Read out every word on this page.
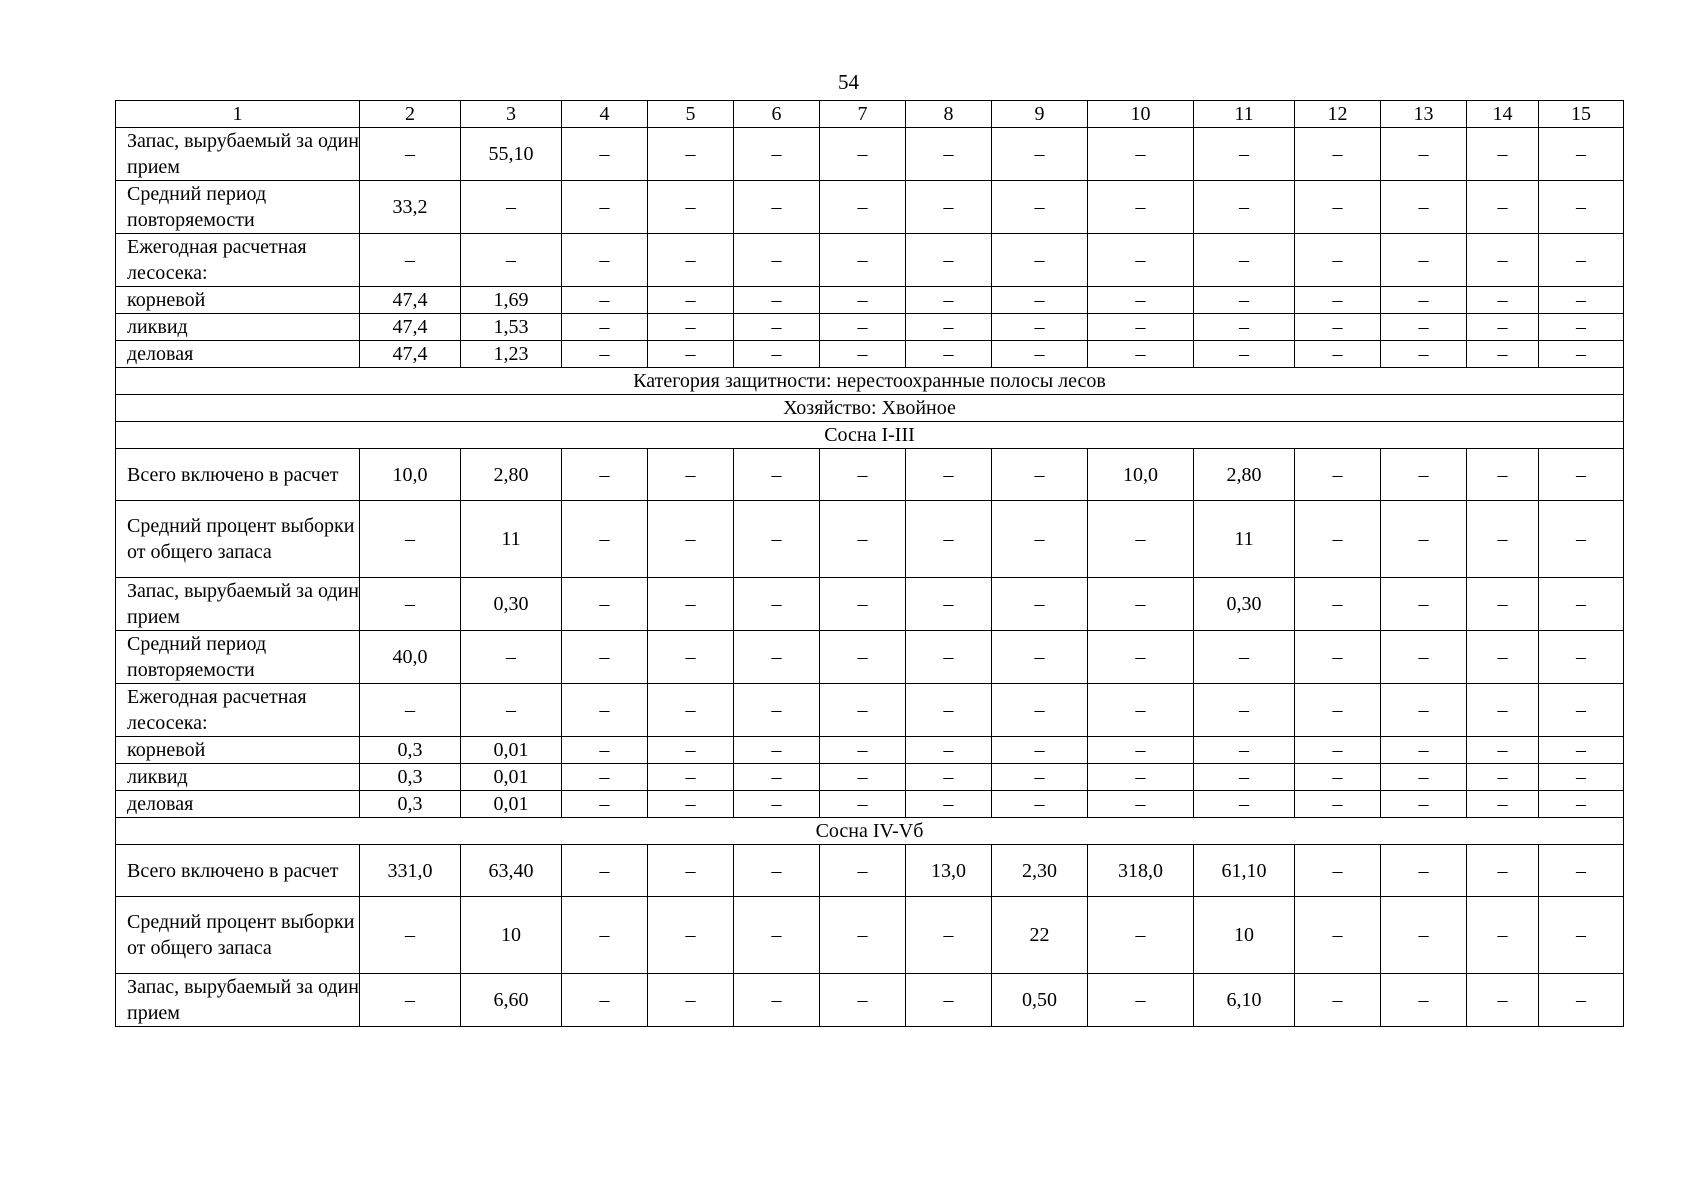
54
1	2	3	4	5	6	7	8	9	10	11	12	13	14	15
Запас, вырубаемый за один прием	–	55,10	–	–	–	–	–	–	–	–	–	–	–	–
Средний период повторяемости	33,2	–	–	–	–	–	–	–	–	–	–	–	–	–
Ежегодная расчетная лесосека:	–	–	–	–	–	–	–	–	–	–	–	–	–	–
корневой	47,4	1,69	–	–	–	–	–	–	–	–	–	–	–	–
ликвид	47,4	1,53	–	–	–	–	–	–	–	–	–	–	–	–
деловая	47,4	1,23	–	–	–	–	–	–	–	–	–	–	–	–
Категория защитности: нерестоохранные полосы лесов														
Хозяйство: Хвойное														
Сосна I-III														
Всего включено в расчет	10,0	2,80	–	–	–	–	–	–	10,0	2,80	–	–	–	–
Средний процент выборки от общего запаса	–	11	–	–	–	–	–	–	–	11	–	–	–	–
Запас, вырубаемый за один прием	–	0,30	–	–	–	–	–	–	–	0,30	–	–	–	–
Средний период повторяемости	40,0	–	–	–	–	–	–	–	–	–	–	–	–	–
Ежегодная расчетная лесосека:	–	–	–	–	–	–	–	–	–	–	–	–	–	–
корневой	0,3	0,01	–	–	–	–	–	–	–	–	–	–	–	–
ликвид	0,3	0,01	–	–	–	–	–	–	–	–	–	–	–	–
деловая	0,3	0,01	–	–	–	–	–	–	–	–	–	–	–	–
Сосна IV-Vб														
Всего включено в расчет	331,0	63,40	–	–	–	–	13,0	2,30	318,0	61,10	–	–	–	–
Средний процент выборки от общего запаса	–	10	–	–	–	–	–	22	–	10	–	–	–	–
Запас, вырубаемый за один прием	–	6,60	–	–	–	–	–	0,50	–	6,10	–	–	–	–
